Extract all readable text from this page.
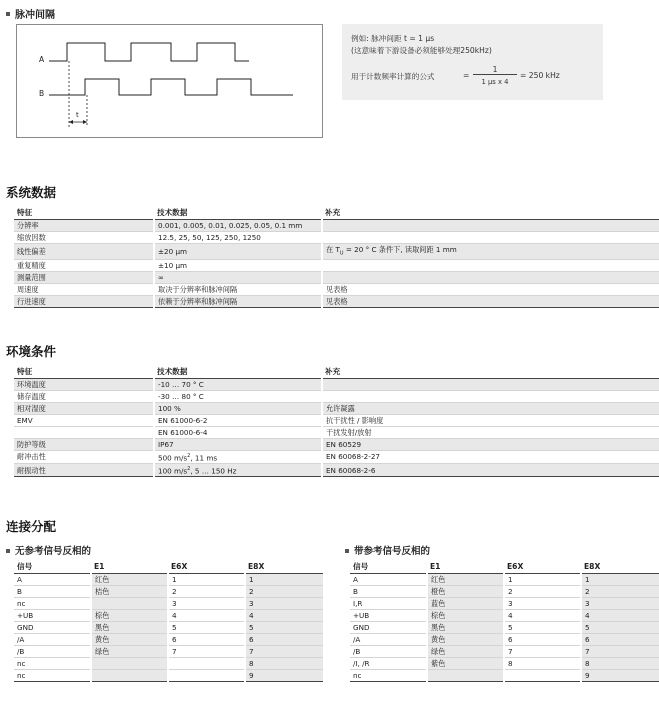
脉冲间隔
A
B
t
例如: 脉冲间距 t = 1 μs
(这意味着下游设备必须能够处理250kHz)
用于计数频率计算的公式	=
1
1 μs x 4
= 250 kHz
系统数据
特征	技术数据	补充
分辨率	0.001, 0.005, 0.01, 0.025, 0.05, 0.1 mm	
缩放因数	12.5, 25, 50, 125, 250, 1250	
线性偏差	±20 μm	在 $T_U = 20$ ° C 条件下, 读取间距 1 mm
重复精度	±10 μm	
测量范围	∞	
周速度	取决于分辨率和脉冲间隔	见表格
行进速度	依赖于分辨率和脉冲间隔	见表格
环境条件
特征	技术数据	补充
环境温度	-10 … 70 ° C	
储存温度	-30 … 80 ° C	
相对湿度	100 %	允许凝露
EMV	EN 61000-6-2	抗干扰性 / 影响度
	EN 61000-6-4	干扰发射/放射
防护等级	IP67	EN 60529
耐冲击性	500 $m/s^2$, 11 ms	EN 60068-2-27
耐振动性	100 $m/s^2$, 5 … 150 Hz	EN 60068-2-6
连接分配
无参考信号反相的	带参考信号反相的
信号	E1	E6X	E8X
A	红色	1	1
B	桔色	2	2
nc		3	3
+UB	棕色	4	4
GND	黑色	5	5
/A	黄色	6	6
/B	绿色	7	7
nc			8
nc			9
信号	E1	E6X	E8X
A	红色	1	1
B	橙色	2	2
I,R	蓝色	3	3
+UB	棕色	4	4
GND	黑色	5	5
/A	黄色	6	6
/B	绿色	7	7
/I, /R	紫色	8	8
nc			9
